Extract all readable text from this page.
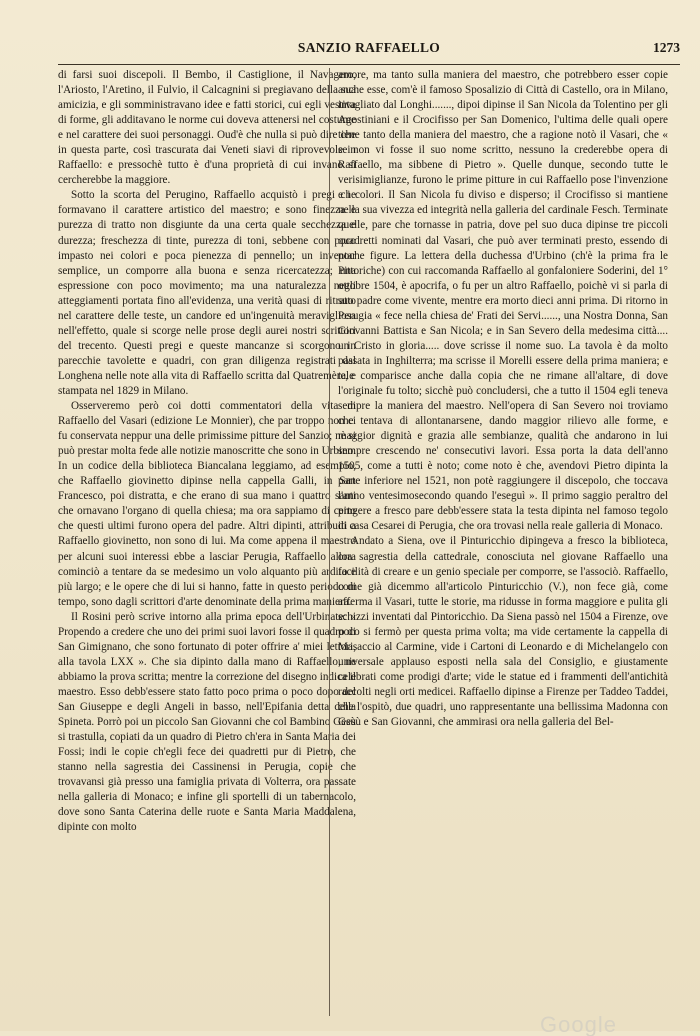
SANZIO RAFFAELLO	1273

di farsi suoi discepoli. Il Bembo, il Castiglione, il Navagero, l'Ariosto, l'Aretino, il Fulvio, il Calcagnini si pregiavano della sua amicizia, e gli somministravano idee e fatti storici, cui egli vestiva di forme, gli additavano le norme cui doveva attenersi nel costume e nel carattere dei suoi personaggi. Oud'è che nulla si può dire che in questa parte, così trascurata dai Veneti siavi di riprovevole in Raffaello: e pressochè tutto è d'una proprietà di cui invano si cercherebbe la maggiore.

Sotto la scorta del Perugino, Raffaello acquistò i pregi che formavano il carattere artistico del maestro; e sono finezza e purezza di tratto non disgiunte da una certa quale secchezza e durezza; freschezza di tinte, purezza di toni, sebbene con poco impasto nei colori e poca pienezza di pennello; un inventar semplice, un comporre alla buona e senza ricercatezza; una espressione con poco movimento; ma una naturalezza negli atteggiamenti portata fino all'evidenza, una verità quasi di ritratto nel carattere delle teste, un candore ed un'ingenuità meravigliosa nell'effetto, quale si scorge nelle prose degli aurei nostri scrittori del trecento. Questi pregi e queste mancanze si scorgono in parecchie tavolette e quadri, con gran diligenza registrati dal Longhena nelle note alla vita di Raffaello scritta dal Quatremère, e stampata nel 1829 in Milano.

Osserveremo però coi dotti commentatori della vita di Raffaello del Vasari (edizione Le Monnier), che par troppo non ci fu conservata neppur una delle primissime pitture del Sanzio; nè si può prestar molta fede alle notizie manoscritte che sono in Urbino. In un codice della biblioteca Biancalana leggiamo, ad esempio, che Raffaello giovinetto dipinse nella cappella Galli, in San Francesco, poi distratta, e che erano di sua mano i quattro santi che ornavano l'organo di quella chiesa; ma ora sappiamo di certo che questi ultimi furono opera del padre. Altri dipinti, attribuiti a Raffaello giovinetto, non sono di lui. Ma come appena il maestro per alcuni suoi interessi ebbe a lasciar Perugia, Raffaello allora cominciò a tentare da se medesimo un volo alquanto più ardito e più largo; e le opere che di lui si hanno, fatte in questo periodo di tempo, sono dagli scrittori d'arte denominate della prima maniera.

Il Rosini però scrive intorno alla prima epoca dell'Urbinate: « Propendo a credere che uno dei primi suoi lavori fosse il quadro di San Gimignano, che sono fortunato di poter offrire a' miei lettori, alla tavola LXX ». Che sia dipinto dalla mano di Raffaello, ne abbiamo la prova scritta; mentre la correzione del disegno indica il maestro. Esso debb'essere stato fatto poco prima o poco dopo del San Giuseppe e degli Angeli in basso, nell'Epifania detta della Spineta. Porrò poi un piccolo San Giovanni che col Bambino Gesù si trastulla, copiati da un quadro di Pietro ch'era in Santa Maria dei Fossi; indi le copie ch'egli fece dei quadretti pur di Pietro, che stanno nella sagrestia dei Cassinensi in Perugia, copie che trovavansi già presso una famiglia privata di Volterra, ora passate nella galleria di Monaco; e infine gli sportelli di un tabernacolo, dove sono Santa Caterina delle ruote e Santa Maria Maddalena, dipinte con molto

amore, ma tanto sulla maniera del maestro, che potrebbero esser copie anche esse, com'è il famoso Sposalizio di Città di Castello, ora in Milano, intagliato dal Longhi......., dipoi dipinse il San Nicola da Tolentino per gli Agostiniani e il Crocifisso per San Domenico, l'ultima delle quali opere tiene tanto della maniera del maestro, che a ragione notò il Vasari, che « se non vi fosse il suo nome scritto, nessuno la crederebbe opera di Raffaello, ma sibbene di Pietro ». Quelle dunque, secondo tutte le verisimiglianze, furono le prime pitture in cui Raffaello pose l'invenzione e i colori. Il San Nicola fu diviso e disperso; il Crocifisso si mantiene nella sua vivezza ed integrità nella galleria del cardinale Fesch. Terminate quelle, pare che tornasse in patria, dove pel suo duca dipinse tre piccoli quadretti nominati dal Vasari, che può aver terminati presto, essendo di poche figure. La lettera della duchessa d'Urbino (ch'è la prima fra le Pittoriche) con cui raccomanda Raffaello al gonfaloniere Soderini, del 1° ottobre 1504, è apocrifa, o fu per un altro Raffaello, poichè vi si parla di suo padre come vivente, mentre era morto dieci anni prima. Di ritorno in Perugia « fece nella chiesa de' Frati dei Servi......, una Nostra Donna, San Giovanni Battista e San Nicola; e in San Severo della medesima città.... un Cristo in gloria..... dove scrisse il nome suo. La tavola è da molto passata in Inghilterra; ma scrisse il Morelli essere della prima maniera; e tale comparisce anche dalla copia che ne rimane all'altare, di dove l'originale fu tolto; sicchè può concludersi, che a tutto il 1504 egli teneva sempre la maniera del maestro. Nell'opera di San Severo noi troviamo che tentava di allontanarsene, dando maggior rilievo alle forme, e maggior dignità e grazia alle sembianze, qualità che andarono in lui sempre crescendo ne' consecutivi lavori. Essa porta la data dell'anno 1505, come a tutti è noto; come noto è che, avendovi Pietro dipinta la parte inferiore nel 1521, non potè raggiungere il discepolo, che toccava l'anno ventesimosecondo quando l'eseguì ». Il primo saggio peraltro del pingere a fresco pare debb'essere stata la testa dipinta nel famoso tegolo di casa Cesarei di Perugia, che ora trovasi nella reale galleria di Monaco.

Andato a Siena, ove il Pinturicchio dipingeva a fresco la biblioteca, ora sagrestia della cattedrale, conosciuta nel giovane Raffaello una facilità di creare e un genio speciale per comporre, se l'associò. Raffaello, come già dicemmo all'articolo Pinturicchio (V.), non fece già, come afferma il Vasari, tutte le storie, ma ridusse in forma maggiore e pulita gli schizzi inventati dal Pintoricchio. Da Siena passò nel 1504 a Firenze, ove poco si fermò per questa prima volta; ma vide certamente la cappella di Masaccio al Carmine, vide i Cartoni di Leonardo e di Michelangelo con universale applauso esposti nella sala del Consiglio, e giustamente celebrati come prodigi d'arte; vide le statue ed i frammenti dell'antichità raccolti negli orti medicei. Raffaello dipinse a Firenze per Taddeo Taddei, che l'ospitò, due quadri, uno rappresentante una bellissima Madonna con Gesù e San Giovanni, che ammirasi ora nella galleria del Bel-

Google
